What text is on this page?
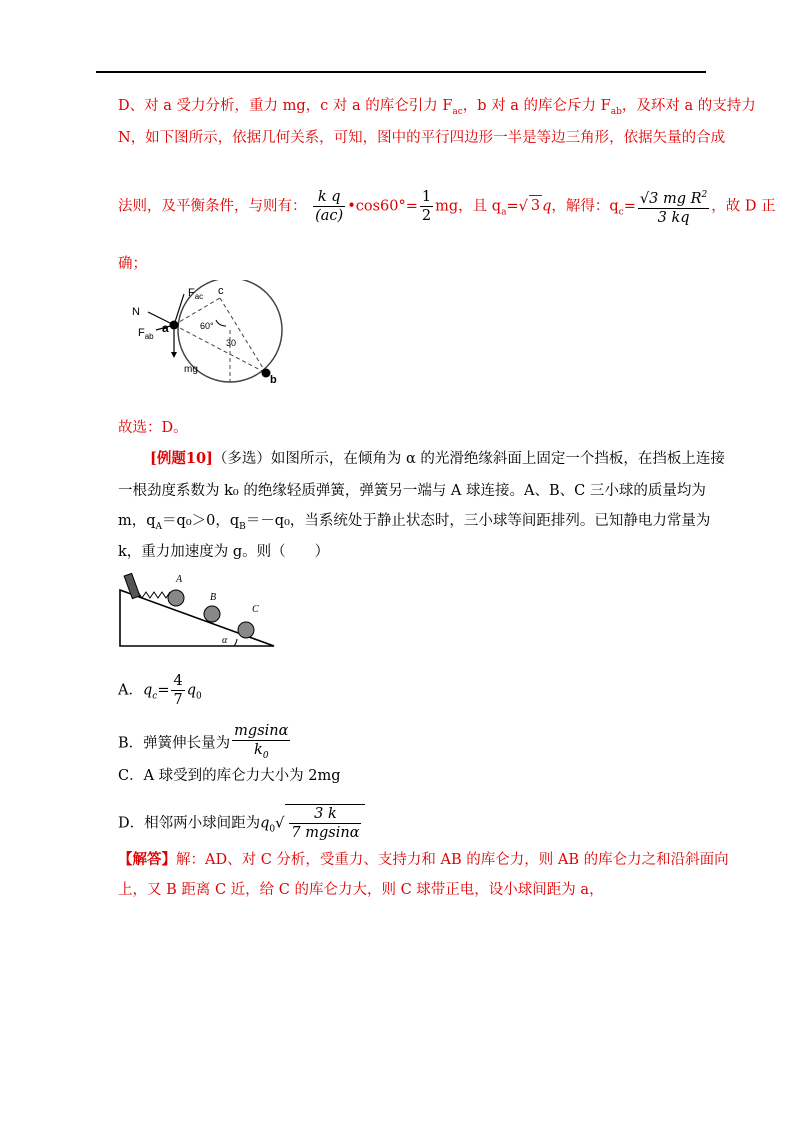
D、对 a 受力分析，重力 mg，c 对 a 的库仑引力 $F_{ac}$，b 对 a 的库仑斥力 $F_{ab}$，及环对 a 的支持力
N，如下图所示，依据几何关系，可知，图中的平行四边形一半是等边三角形，依据矢量的合成
法则，及平衡条件，与则有： $\frac{\text{k q}}{(ac)}$ •cos60°= $\frac{1}{2}$ mg，且 $q_a=√$ 3 q，解得：$q_c= \frac{√3 mg R^2}{3 kq}$ ，故 D 正
确；
N
a
$F_{ac}$
$F_{ab}$
c
60°
30
mg
b
故选：D。
[例题10]（多选）如图所示，在倾角为 α 的光滑绝缘斜面上固定一个挡板，在挡板上连接
一根劲度系数为 k₀ 的绝缘轻质弹簧，弹簧另一端与 A 球连接。A、B、C 三小球的质量均为
m，$q_A=q_0>0$，$q_B=-q_0$，当系统处于静止状态时，三小球等间距排列。已知静电力常量为
k，重力加速度为 g。则（　　）
A
B
C
α
A．$q_c= \frac{4}{7} q_0$
B．弹簧伸长量为 $\frac{mgsin\alpha}{k_0}$
C．A 球受到的库仑力大小为 2mg
D．相邻两小球间距为$q_0√ \frac{3 k}{7 mgsin\alpha}$
【解答】解：AD、对 C 分析，受重力、支持力和 AB 的库仑力，则 AB 的库仑力之和沿斜面向
上，又 B 距离 C 近，给 C 的库仑力大，则 C 球带正电，设小球间距为 a，
